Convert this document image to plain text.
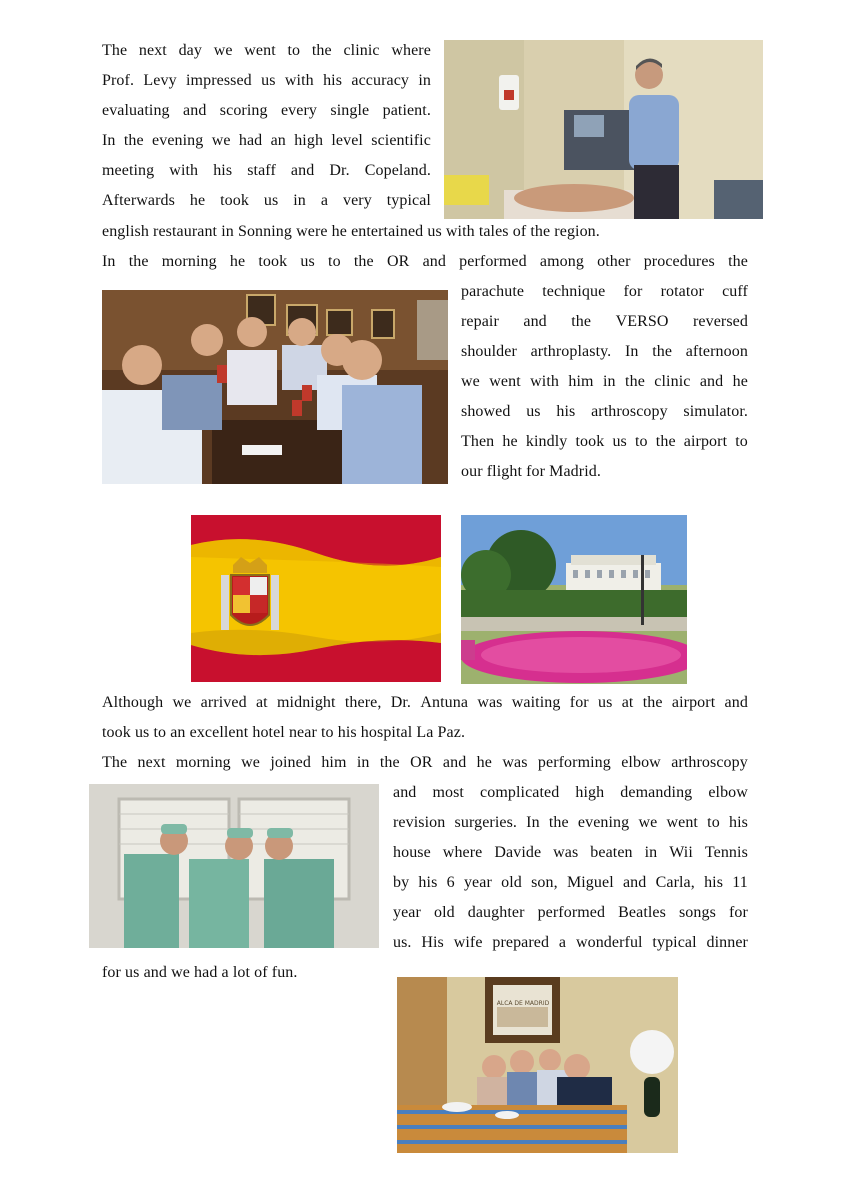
ALCA DE MADRID
The next day we went to the clinic where
Prof. Levy impressed us with his accuracy in
evaluating and scoring every single patient.
In the evening we had an high level scientific
meeting with his staff and Dr. Copeland.
Afterwards he took us in a very typical
english restaurant in Sonning were he entertained us with tales of the region.
In the morning he took us to the OR and performed among other procedures the
parachute technique for rotator cuff
repair and the VERSO reversed
shoulder arthroplasty. In the afternoon
we went with him in the clinic and he
showed us his arthroscopy simulator.
Then he kindly took us to the airport to
our flight for Madrid.
Although we arrived at midnight there, Dr. Antuna was waiting for us at the airport and
took us to an excellent hotel near to his hospital La Paz.
The next morning we joined him in the OR and he was performing elbow arthroscopy
and most complicated high demanding elbow
revision surgeries. In the evening we went to his
house where Davide was beaten in Wii Tennis
by his 6 year old son, Miguel and Carla, his 11
year old daughter performed Beatles songs for
us. His wife prepared a wonderful typical dinner
for us and we had a lot of fun.
